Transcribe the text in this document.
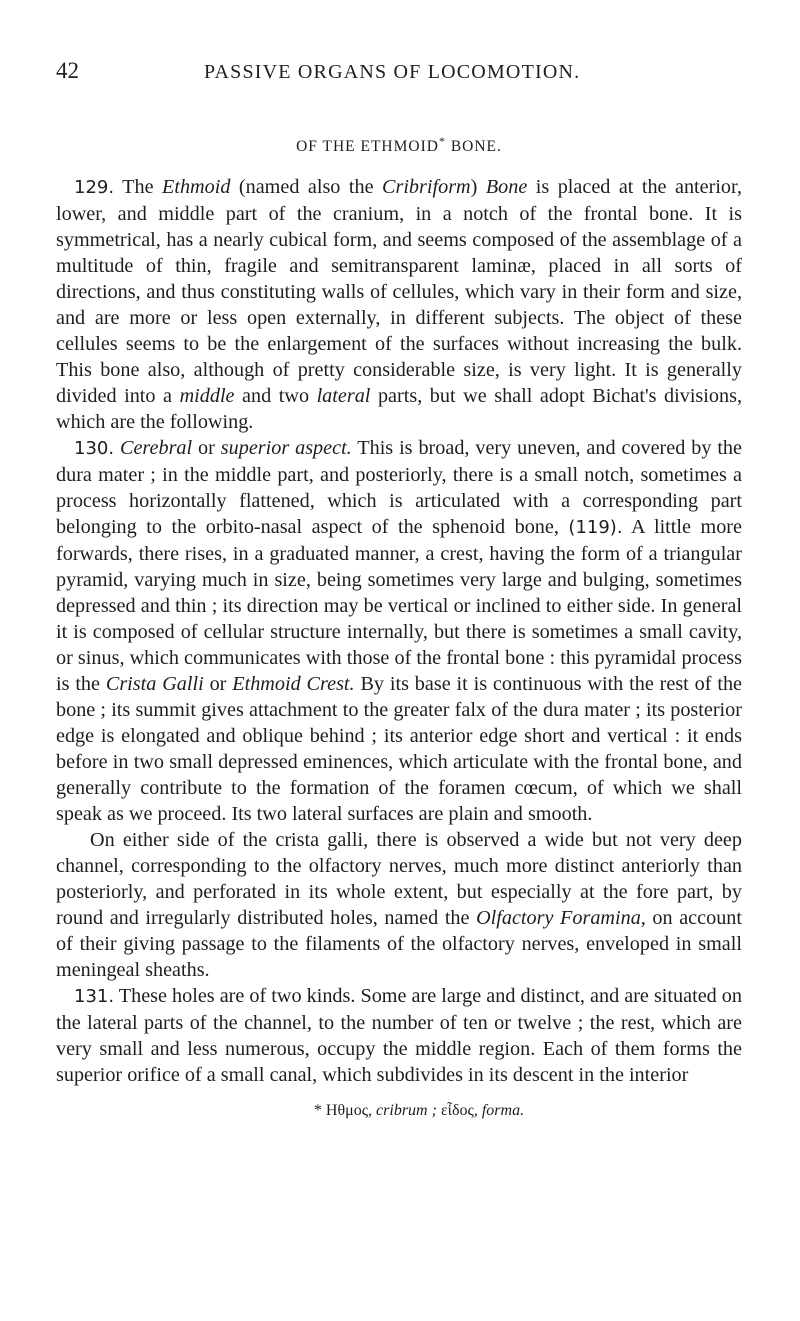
42	PASSIVE ORGANS OF LOCOMOTION.
OF THE ETHMOID* BONE.

129. The Ethmoid (named also the Cribriform) Bone is placed at the anterior, lower, and middle part of the cranium, in a notch of the frontal bone. It is symmetrical, has a nearly cubical form, and seems composed of the assemblage of a multitude of thin, fragile and semitransparent laminæ, placed in all sorts of directions, and thus constituting walls of cellules, which vary in their form and size, and are more or less open externally, in different subjects. The object of these cellules seems to be the enlargement of the surfaces without increasing the bulk. This bone also, although of pretty considerable size, is very light. It is generally divided into a middle and two lateral parts, but we shall adopt Bichat's divisions, which are the following.

130. Cerebral or superior aspect. This is broad, very uneven, and covered by the dura mater ; in the middle part, and posteriorly, there is a small notch, sometimes a process horizontally flattened, which is articulated with a corresponding part belonging to the orbito-nasal aspect of the sphenoid bone, (119). A little more forwards, there rises, in a graduated manner, a crest, having the form of a triangular pyramid, varying much in size, being sometimes very large and bulging, sometimes depressed and thin ; its direction may be vertical or inclined to either side. In general it is composed of cellular structure internally, but there is sometimes a small cavity, or sinus, which communicates with those of the frontal bone : this pyramidal process is the Crista Galli or Ethmoid Crest. By its base it is continuous with the rest of the bone ; its summit gives attachment to the greater falx of the dura mater ; its posterior edge is elongated and oblique behind ; its anterior edge short and vertical : it ends before in two small depressed eminences, which articulate with the frontal bone, and generally contribute to the formation of the foramen cœcum, of which we shall speak as we proceed. Its two lateral surfaces are plain and smooth.

On either side of the crista galli, there is observed a wide but not very deep channel, corresponding to the olfactory nerves, much more distinct anteriorly than posteriorly, and perforated in its whole extent, but especially at the fore part, by round and irregularly distributed holes, named the Olfactory Foramina, on account of their giving passage to the filaments of the olfactory nerves, enveloped in small meningeal sheaths.

131. These holes are of two kinds. Some are large and distinct, and are situated on the lateral parts of the channel, to the number of ten or twelve ; the rest, which are very small and less numerous, occupy the middle region. Each of them forms the superior orifice of a small canal, which subdivides in its descent in the interior

* Ηθμος, cribrum ; εἶδος, forma.
